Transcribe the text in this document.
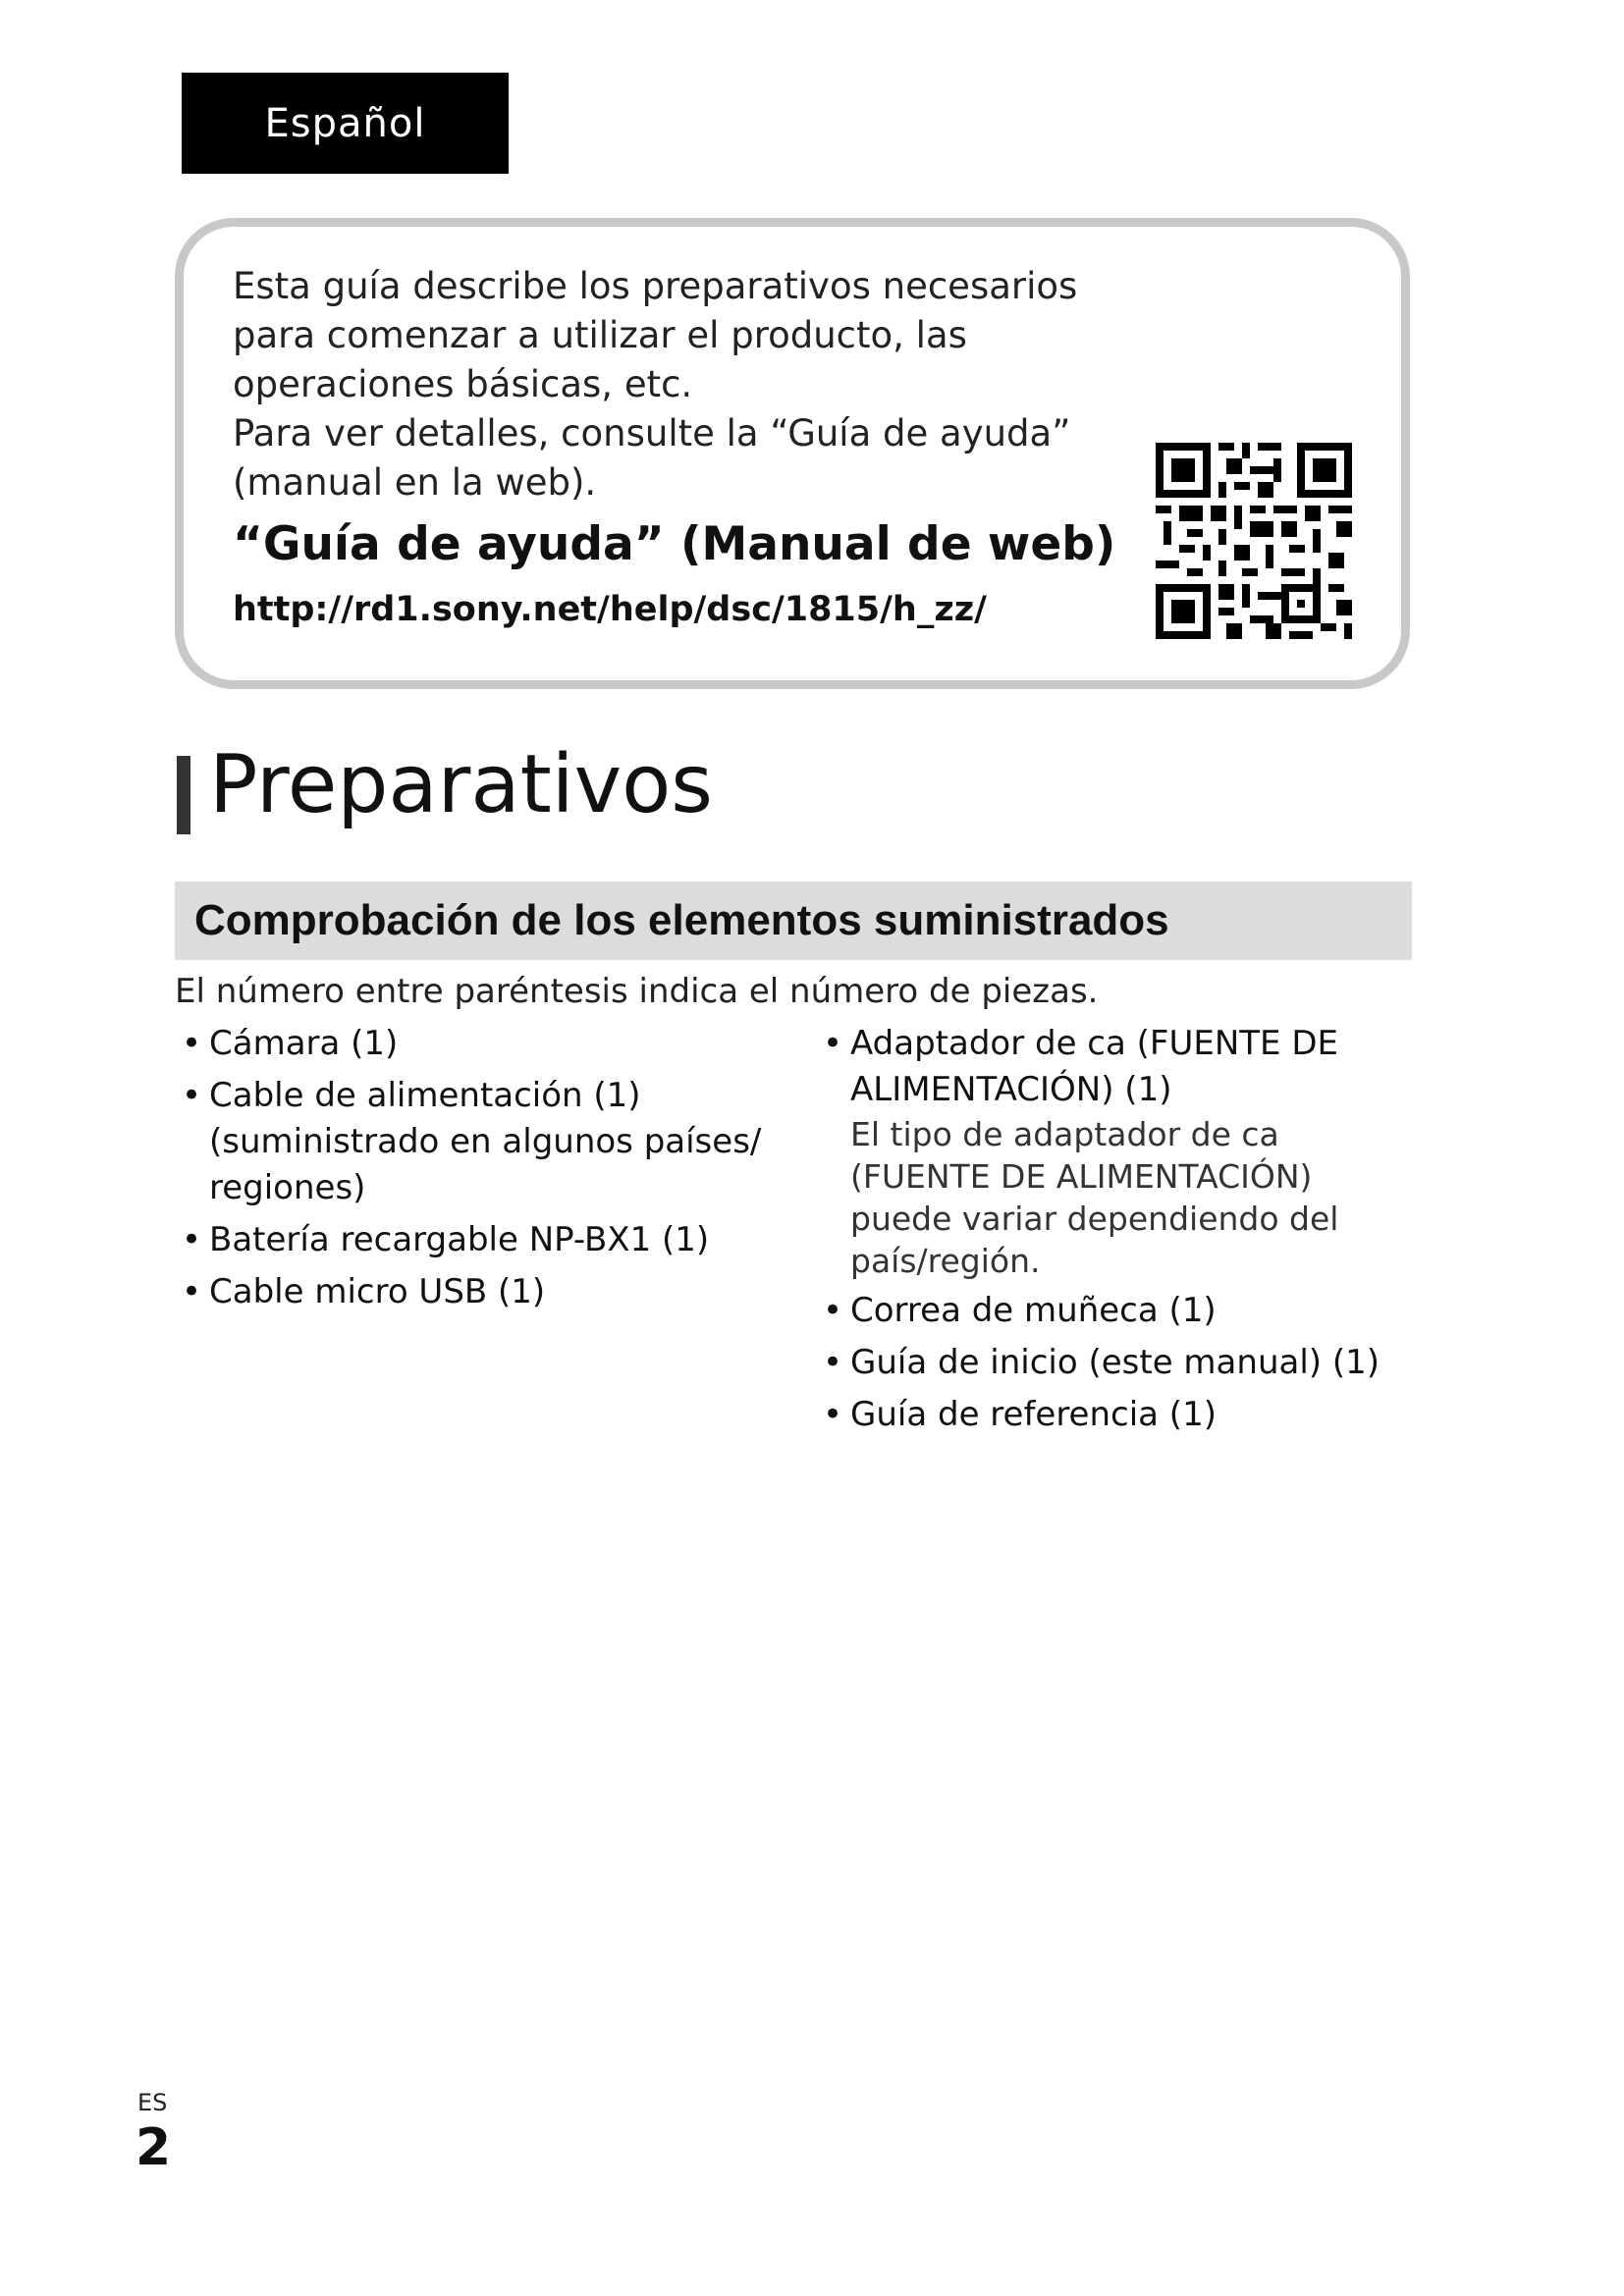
Español

Esta guía describe los preparativos necesarios
para comenzar a utilizar el producto, las
operaciones básicas, etc.
Para ver detalles, consulte la “Guía de ayuda”
(manual en la web).

“Guía de ayuda” (Manual de web)

http://rd1.sony.net/help/dsc/1815/h_zz/

Preparativos
Comprobación de los elementos suministrados

El número entre paréntesis indica el número de piezas.

• Cámara (1)
• Cable de alimentación (1) (suministrado en algunos países/ regiones)
• Batería recargable NP-BX1 (1)
• Cable micro USB (1)
• Adaptador de ca (FUENTE DE ALIMENTACIÓN) (1)
El tipo de adaptador de ca (FUENTE DE ALIMENTACIÓN) puede variar dependiendo del país/región.
• Correa de muñeca (1)
• Guía de inicio (este manual) (1)
• Guía de referencia (1)
ES
2
